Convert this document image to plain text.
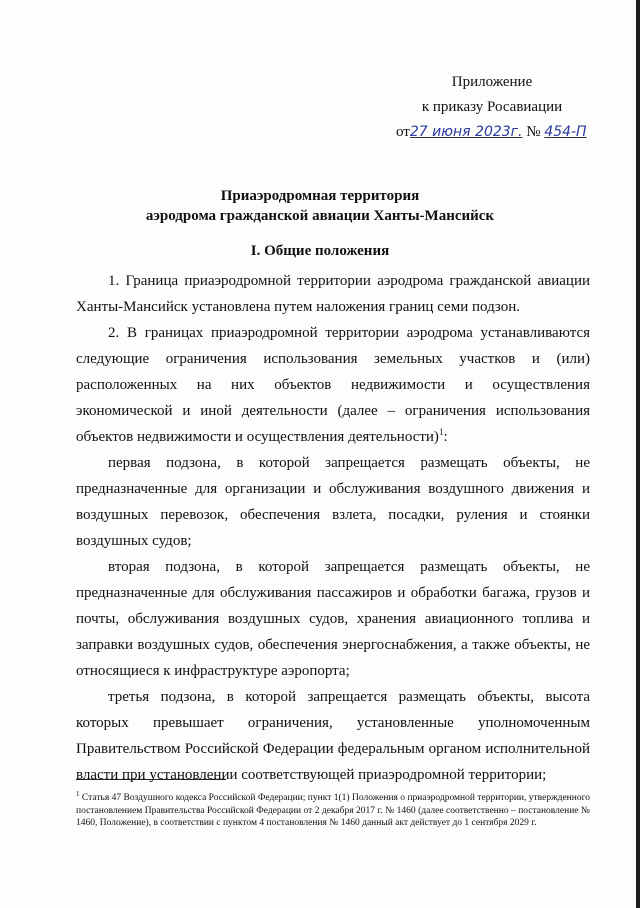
Приложение
к приказу Росавиации
от27 июня 2023г. № 454-П
Приаэродромная территория
аэродрома гражданской авиации Ханты-Мансийск
I. Общие положения

1. Граница приаэродромной территории аэродрома гражданской авиации Ханты-Мансийск установлена путем наложения границ семи подзон.

2. В границах приаэродромной территории аэродрома устанавливаются следующие ограничения использования земельных участков и (или) расположенных на них объектов недвижимости и осуществления экономической и иной деятельности (далее – ограничения использования объектов недвижимости и осуществления деятельности)$^1$:

первая подзона, в которой запрещается размещать объекты, не предназначенные для организации и обслуживания воздушного движения и воздушных перевозок, обеспечения взлета, посадки, руления и стоянки воздушных судов;

вторая подзона, в которой запрещается размещать объекты, не предназначенные для обслуживания пассажиров и обработки багажа, грузов и почты, обслуживания воздушных судов, хранения авиационного топлива и заправки воздушных судов, обеспечения энергоснабжения, а также объекты, не относящиеся к инфраструктуре аэропорта;

третья подзона, в которой запрещается размещать объекты, высота которых превышает ограничения, установленные уполномоченным Правительством Российской Федерации федеральным органом исполнительной власти при установлении соответствующей приаэродромной территории;

$^1$ Статья 47 Воздушного кодекса Российской Федерации; пункт 1(1) Положения о приаэродромной территории, утвержденного постановлением Правительства Российской Федерации от 2 декабря 2017 г. № 1460 (далее соответственно – постановление № 1460, Положение), в соответствии с пунктом 4 постановления № 1460 данный акт действует до 1 сентября 2029 г.
